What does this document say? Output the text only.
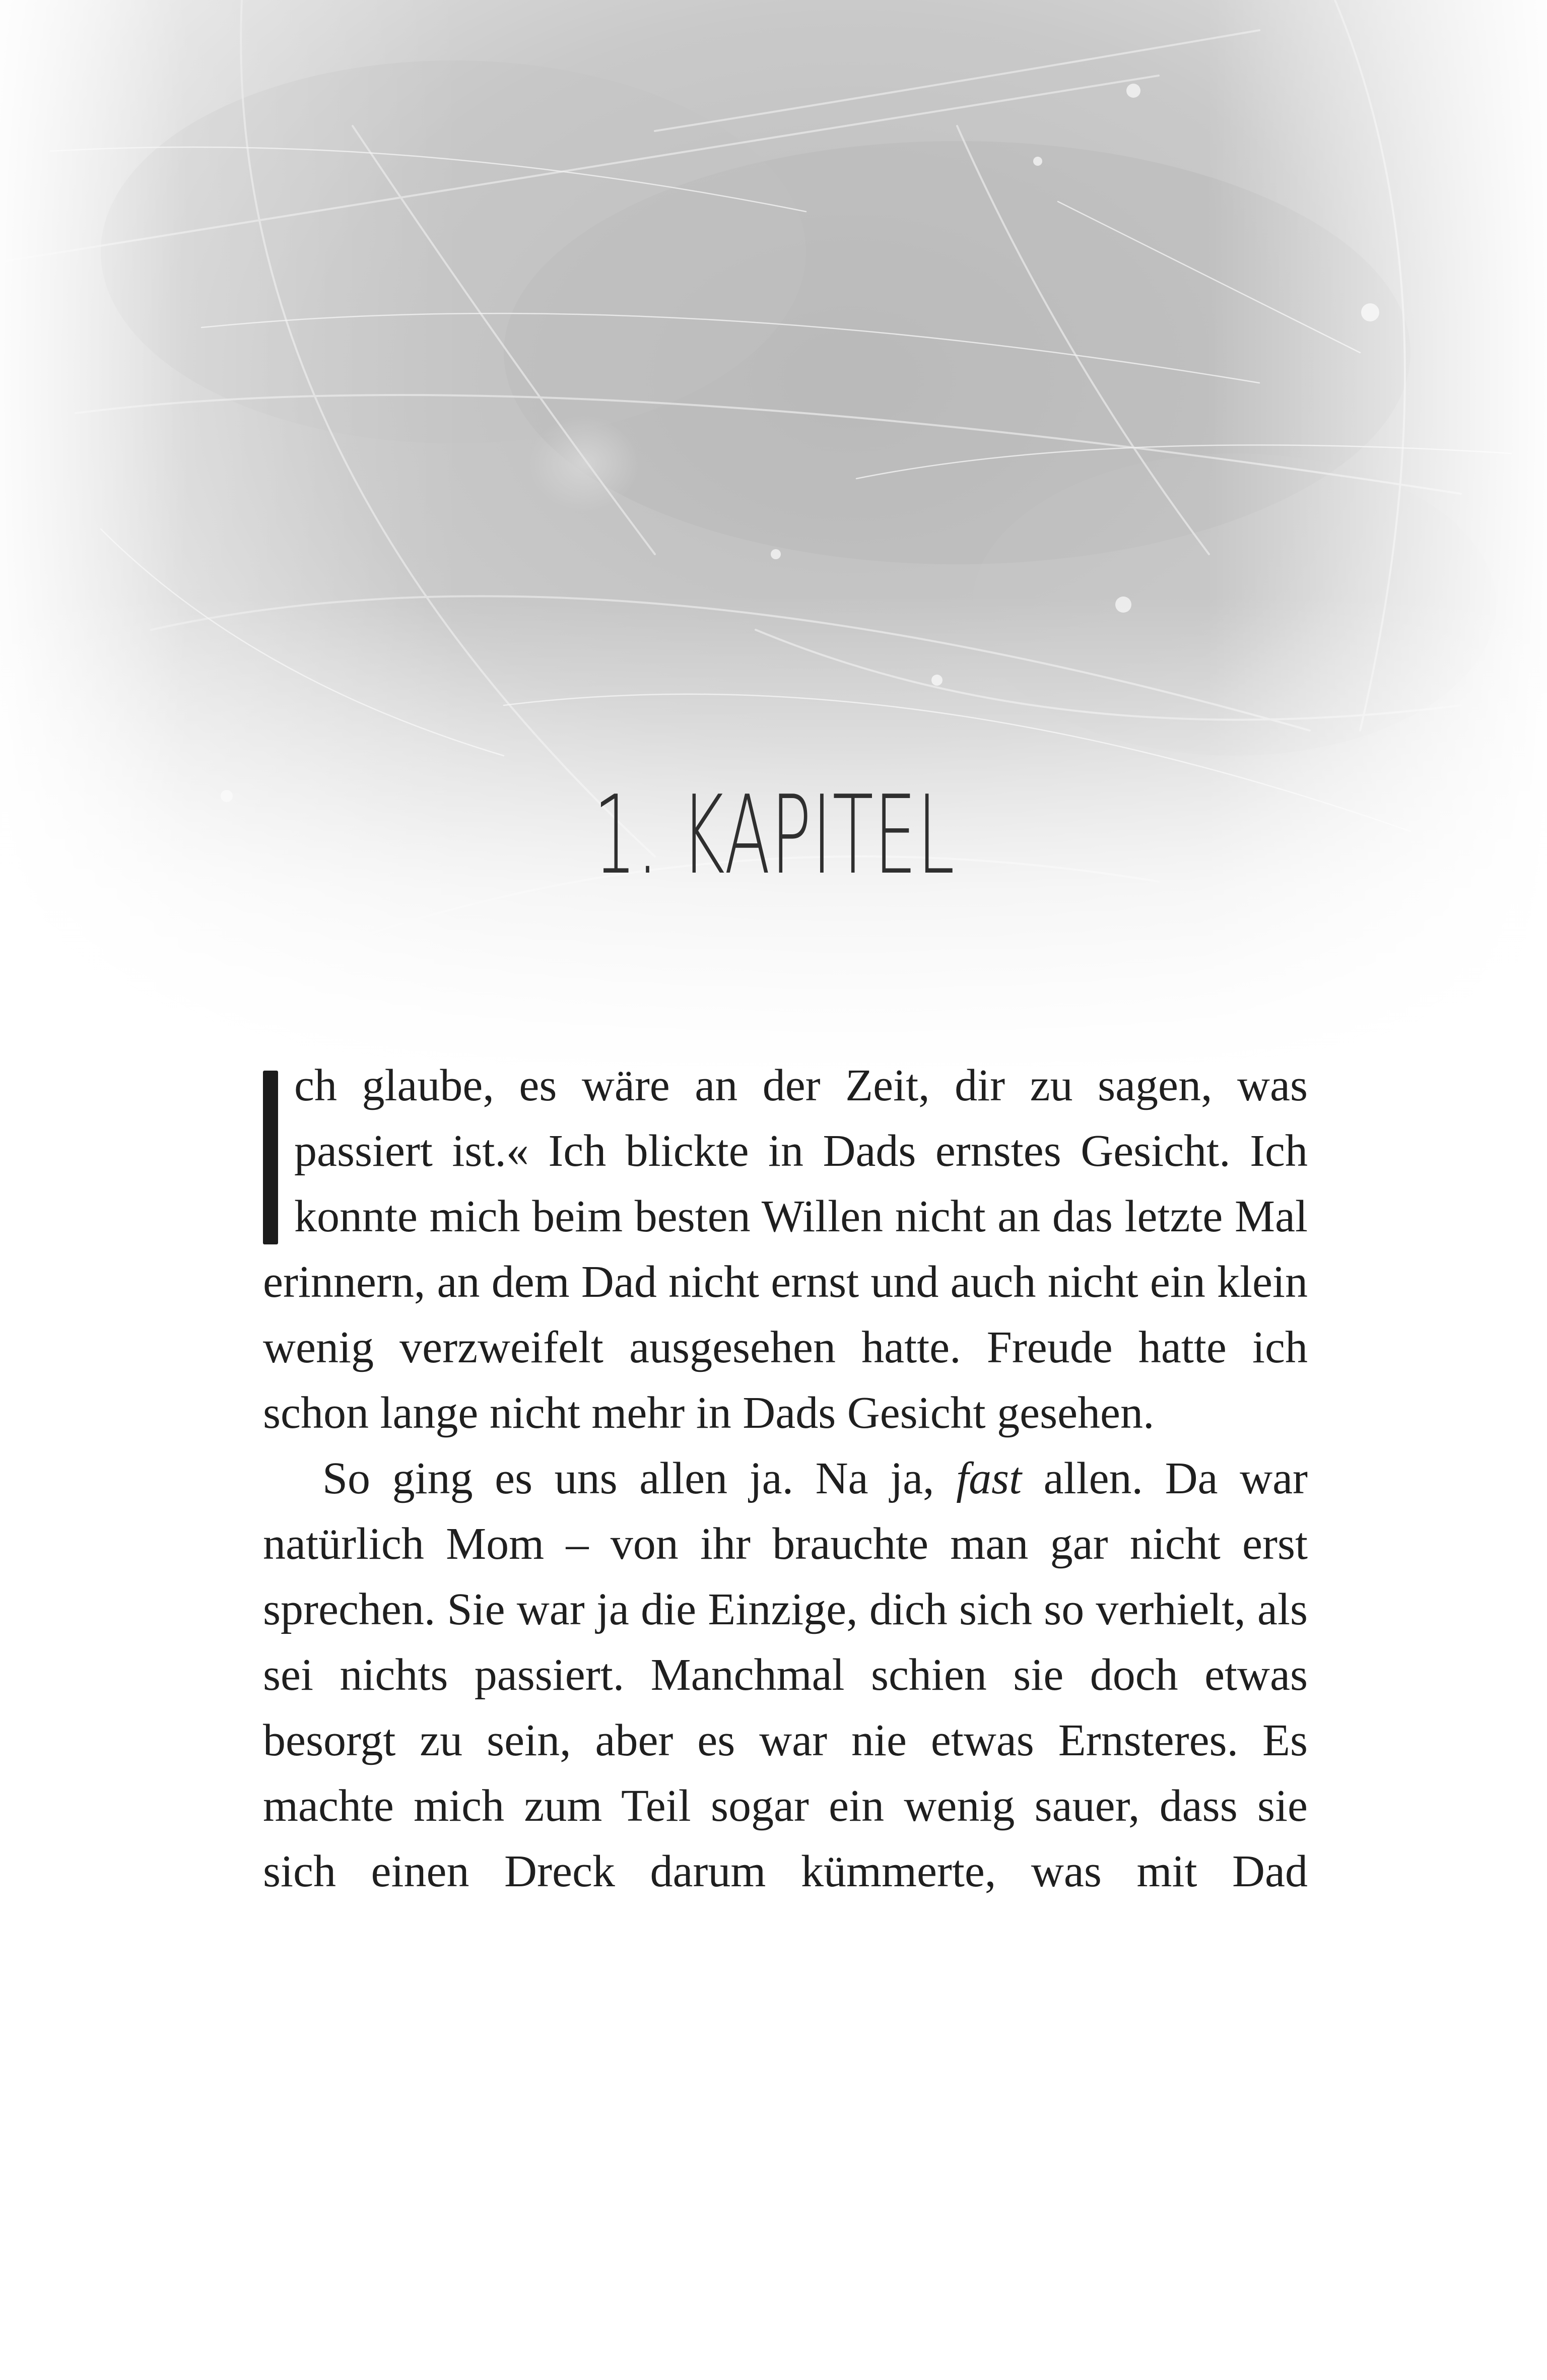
1. KAPITEL

ch glaube, es wäre an der Zeit, dir zu sagen, was passiert ist.« Ich blickte in Dads ernstes Gesicht. Ich konnte mich beim besten Willen nicht an das letzte Mal erinnern, an dem Dad nicht ernst und auch nicht ein klein wenig verzweifelt ausgesehen hatte. Freude hatte ich schon lange nicht mehr in Dads Gesicht gesehen.

So ging es uns allen ja. Na ja, fast allen. Da war natürlich Mom – von ihr brauchte man gar nicht erst sprechen. Sie war ja die Einzige, dich sich so verhielt, als sei nichts passiert. Manchmal schien sie doch etwas besorgt zu sein, aber es war nie etwas Ernsteres. Es machte mich zum Teil sogar ein wenig sauer, dass sie sich einen Dreck darum kümmerte, was mit Dad
